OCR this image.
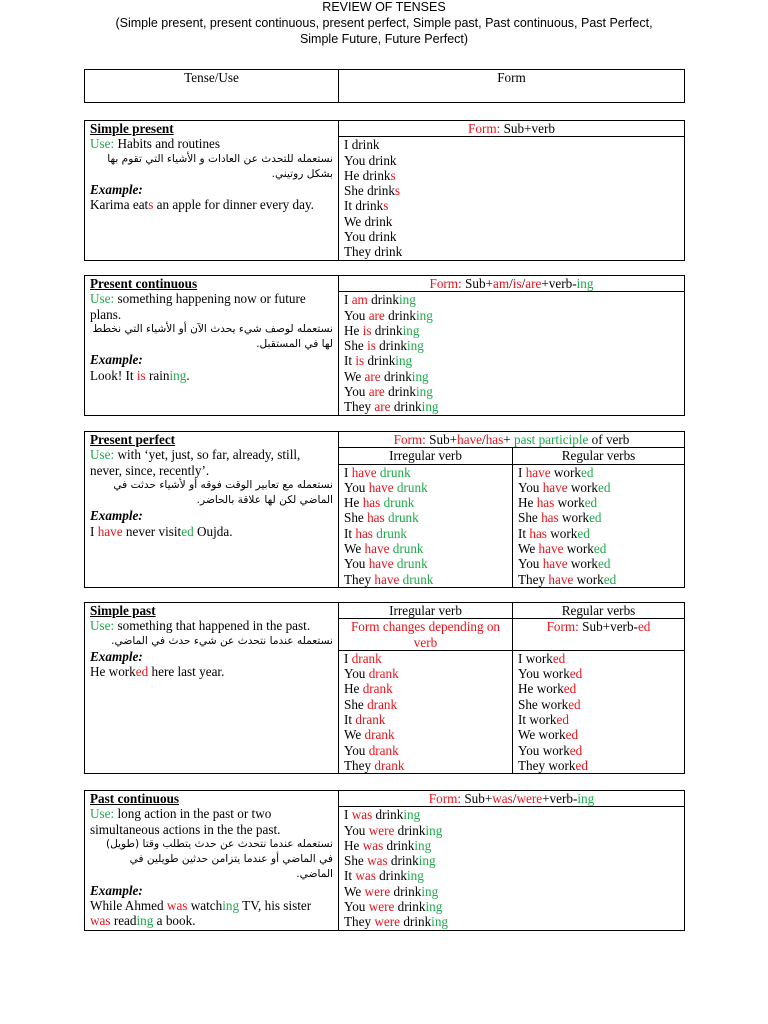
REVIEW OF TENSES
(Simple present, present continuous, present perfect, Simple past, Past continuous, Past Perfect,
Simple Future, Future Perfect)
Tense/Use	Form
Simple present
Use: Habits and routines
نستعمله للتحدث عن العادات و الأشياء التي تقوم بها بشكل روتيني.
Example:
Karima eats an apple for dinner every day.
	Form: Sub+verb
I drink
You drink
He drinks
She drinks
It drinks
We drink
You drink
They drink
Present continuous
Use: something happening now or future plans.
نستعمله لوصف شيء يحدث الآن أو الأشياء التي نخطط لها في المستقبل.
Example:
Look! It is raining.
	Form: Sub+am/is/are+verb-ing
I am drinking
You are drinking
He is drinking
She is drinking
It is drinking
We are drinking
You are drinking
They are drinking
Present perfect
Use: with ‘yet, just, so far, already, still, never, since, recently’.
نستعمله مع تعابير الوقت فوقه أو لأشياء حدثت في الماضي لكن لها علاقة بالحاضر.
Example:
I have never visited Oujda.	Form: Sub+have/has+ past participle of verb	
	Irregular verb	Regular verbs
	I have drunk	I have worked
	You have drunk	You have worked
	He has drunk	He has worked
	She has drunk	She has worked
	It has drunk	It has worked
	We have drunk	We have worked
	You have drunk	You have worked
	They have drunk	They have worked
Simple past
Use: something that happened in the past.
نستعمله عندما نتحدث عن شيء حدث في الماضي.
Example:
He worked here last year.	Irregular verb	Regular verbs
	Form changes depending on verb	Form: Sub+verb-ed
	I drank	I worked
	You drank	You worked
	He drank	He worked
	She drank	She worked
	It drank	It worked
	We drank	We worked
	You drank	You worked
	They drank	They worked
Past continuous
Use: long action in the past or two simultaneous actions in the the past.
نستعمله عندما نتحدث عن حدث يتطلب وقتا (طويل) في الماضي أو عندما يتزامن حدثين طويلين في الماضي.
Example:
While Ahmed was watching TV, his sister was reading a book.
	Form: Sub+was/were+verb-ing
I was drinking
You were drinking
He was drinking
She was drinking
It was drinking
We were drinking
You were drinking
They were drinking
